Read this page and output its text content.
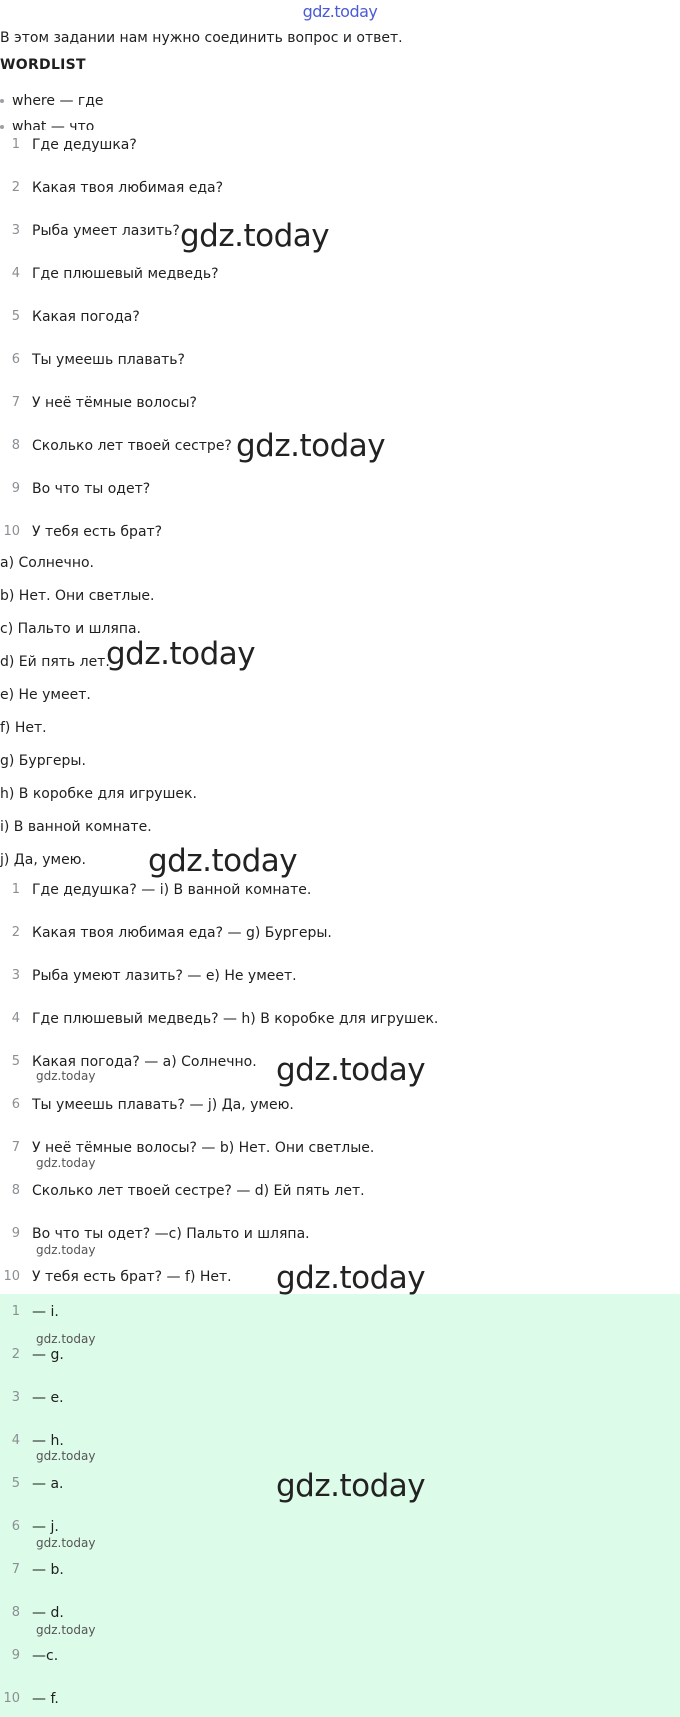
gdz.today
В этом задании нам нужно соединить вопрос и ответ.
WORDLIST
where — где
what — что
1 Где дедушка?
2 Какая твоя любимая еда?
3 Рыба умеет лазить?
4 Где плюшевый медведь?
5 Какая погода?
6 Ты умеешь плавать?
7 У неё тёмные волосы?
8 Сколько лет твоей сестре?
9 Во что ты одет?
10 У тебя есть брат?
a) Солнечно.
b) Нет. Они светлые.
c) Пальто и шляпа.
d) Ей пять лет.
e) Не умеет.
f) Нет.
g) Бургеры.
h) В коробке для игрушек.
i) В ванной комнате.
j) Да, умею.
1 Где дедушка? — i) В ванной комнате.
2 Какая твоя любимая еда? — g) Бургеры.
3 Рыба умеют лазить? — e) Не умеет.
4 Где плюшевый медведь? — h) В коробке для игрушек.
5 Какая погода? — a) Солнечно.
6 Ты умеешь плавать? — j) Да, умею.
7 У неё тёмные волосы? — b) Нет. Они светлые.
8 Сколько лет твоей сестре? — d) Ей пять лет.
9 Во что ты одет? —c) Пальто и шляпа.
10 У тебя есть брат? — f) Нет.
1 — i.
2 — g.
3 — e.
4 — h.
5 — a.
6 — j.
7 — b.
8 — d.
9 —c.
10 — f.
gdz.today
gdz.today
gdz.today
gdz.today
gdz.today
gdz.today
gdz.today
gdz.today
gdz.today
gdz.today
gdz.today
gdz.today
gdz.today
gdz.today
